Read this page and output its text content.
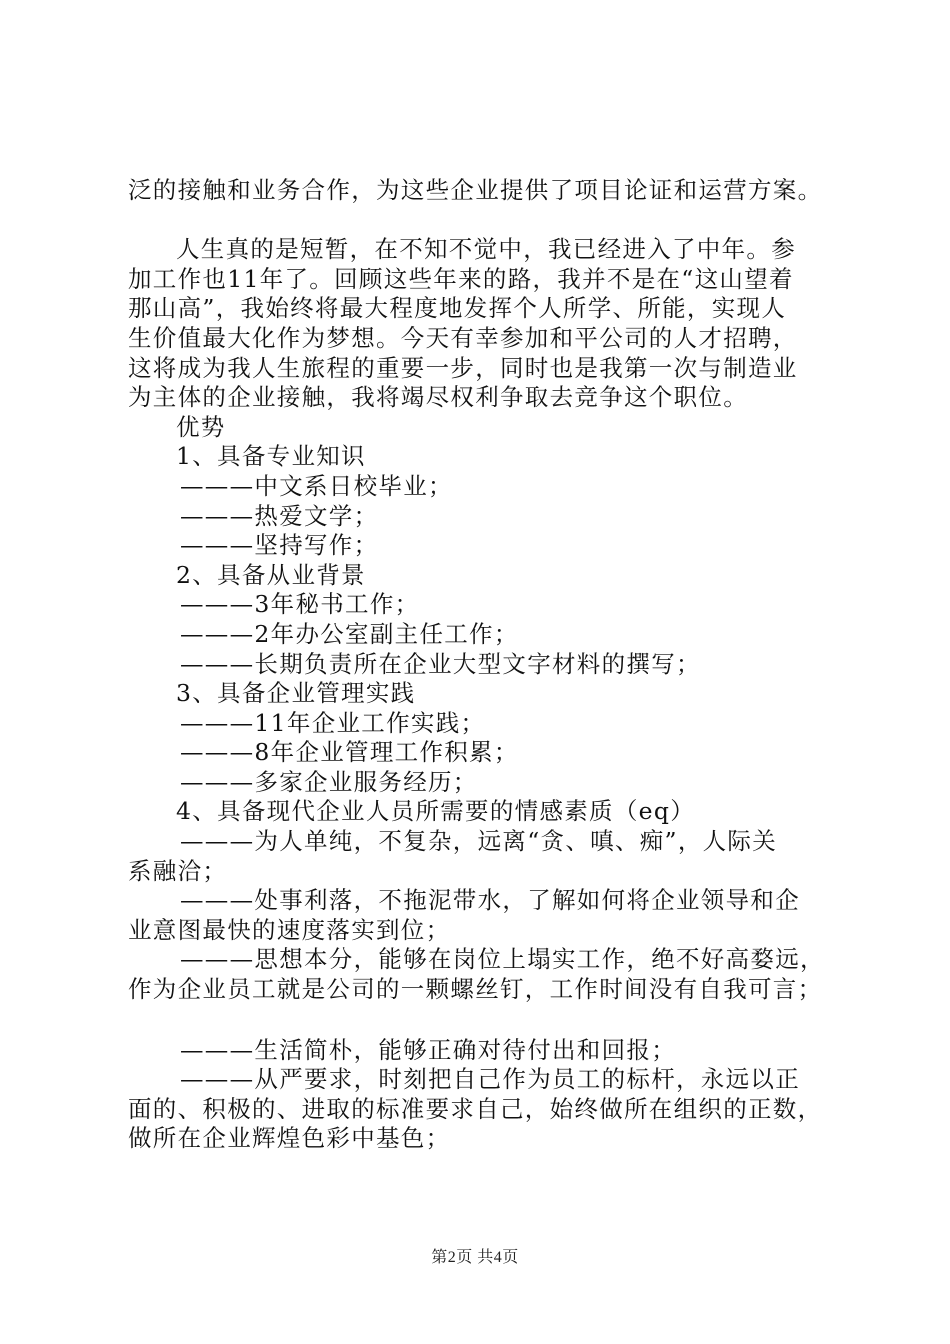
泛的接触和业务合作，为这些企业提供了项目论证和运营方案。
人生真的是短暂，在不知不觉中，我已经进入了中年。参
加工作也11年了。回顾这些年来的路，我并不是在“这山望着
那山高”，我始终将最大程度地发挥个人所学、所能，实现人
生价值最大化作为梦想。今天有幸参加和平公司的人才招聘，
这将成为我人生旅程的重要一步，同时也是我第一次与制造业
为主体的企业接触，我将竭尽权利争取去竞争这个职位。
优势
1、具备专业知识
———中文系日校毕业；
———热爱文学；
———坚持写作；
2、具备从业背景
———3年秘书工作；
———2年办公室副主任工作；
———长期负责所在企业大型文字材料的撰写；
3、具备企业管理实践
———11年企业工作实践；
———8年企业管理工作积累；
———多家企业服务经历；
4、具备现代企业人员所需要的情感素质（eq）
———为人单纯，不复杂，远离“贪、嗔、痴”，人际关
系融洽；
———处事利落，不拖泥带水，了解如何将企业领导和企
业意图最快的速度落实到位；
———思想本分，能够在岗位上塌实工作，绝不好高婺远，
作为企业员工就是公司的一颗螺丝钉，工作时间没有自我可言；
———生活简朴，能够正确对待付出和回报；
———从严要求，时刻把自己作为员工的标杆，永远以正
面的、积极的、进取的标准要求自己，始终做所在组织的正数，
做所在企业辉煌色彩中基色；
第2页 共4页
